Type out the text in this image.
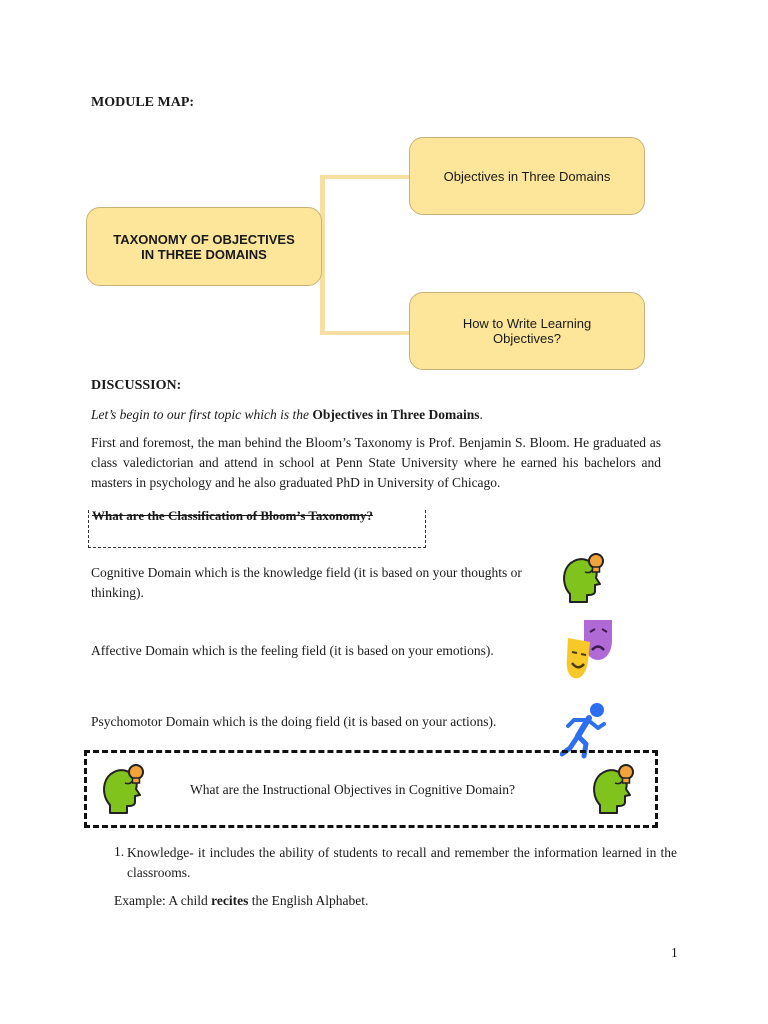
MODULE MAP:
TAXONOMY OF OBJECTIVES IN THREE DOMAINS
Objectives in Three Domains
How to Write Learning Objectives?
DISCUSSION:
Let’s begin to our first topic which is the Objectives in Three Domains.
First and foremost, the man behind the Bloom’s Taxonomy is Prof. Benjamin S. Bloom. He graduated as class valedictorian and attend in school at Penn State University where he earned his bachelors and masters in psychology and he also graduated PhD in University of Chicago.
What are the Classification of Bloom’s Taxonomy?
Cognitive Domain which is the knowledge field (it is based on your thoughts or thinking).
Affective Domain which is the feeling field (it is based on your emotions).
Psychomotor Domain which is the doing field (it is based on your actions).
What are the Instructional Objectives in Cognitive Domain?
1. Knowledge- it includes the ability of students to recall and remember the information learned in the classrooms.
Example: A child recites the English Alphabet.
1
